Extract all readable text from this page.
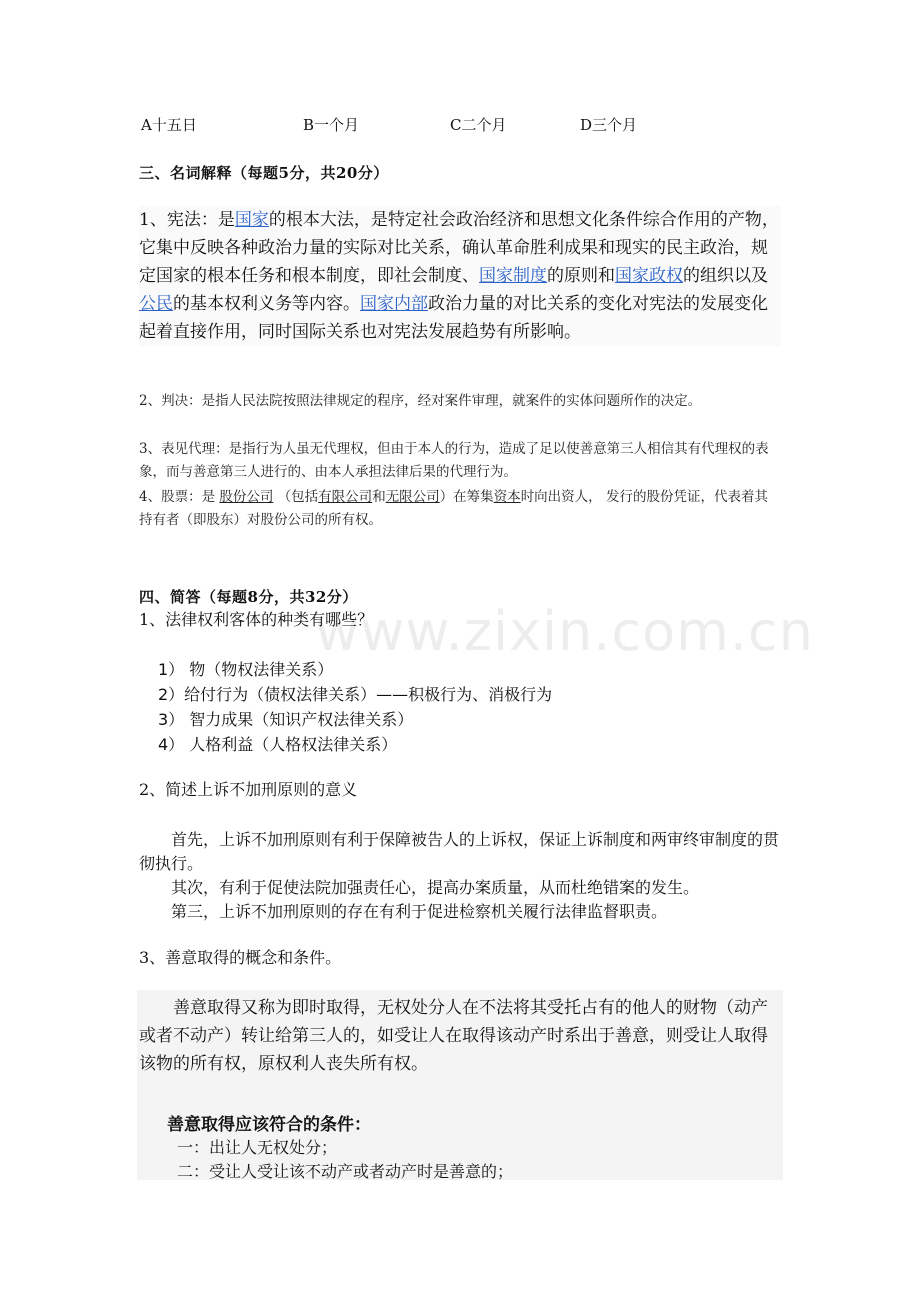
www.zixin.com.cn
A十五日	B一个月	C二个月	D三个月
三、名词解释（每题5分，共20分）
1、宪法：是国家的根本大法，是特定社会政治经济和思想文化条件综合作用的产物，它集中反映各种政治力量的实际对比关系，确认革命胜利成果和现实的民主政治，规定国家的根本任务和根本制度，即社会制度、国家制度的原则和国家政权的组织以及公民的基本权利义务等内容。国家内部政治力量的对比关系的变化对宪法的发展变化起着直接作用，同时国际关系也对宪法发展趋势有所影响。
2、判决：是指人民法院按照法律规定的程序，经对案件审理，就案件的实体问题所作的决定。
3、表见代理：是指行为人虽无代理权，但由于本人的行为，造成了足以使善意第三人相信其有代理权的表象，而与善意第三人进行的、由本人承担法律后果的代理行为。
4、股票：是 股份公司 （包括有限公司和无限公司）在筹集资本时向出资人， 发行的股份凭证，代表着其持有者（即股东）对股份公司的所有权。
四、简答（每题8分，共32分）
1、法律权利客体的种类有哪些？
1） 物（物权法律关系）
2）给付行为（债权法律关系）——积极行为、消极行为
3） 智力成果（知识产权法律关系）
4） 人格利益（人格权法律关系）
2、简述上诉不加刑原则的意义
首先，上诉不加刑原则有利于保障被告人的上诉权，保证上诉制度和两审终审制度的贯彻执行。
其次，有利于促使法院加强责任心，提高办案质量，从而杜绝错案的发生。
第三，上诉不加刑原则的存在有利于促进检察机关履行法律监督职责。
3、善意取得的概念和条件。
善意取得又称为即时取得，无权处分人在不法将其受托占有的他人的财物（动产或者不动产）转让给第三人的，如受让人在取得该动产时系出于善意，则受让人取得该物的所有权，原权利人丧失所有权。
善意取得应该符合的条件：
一：出让人无权处分；
二：受让人受让该不动产或者动产时是善意的；
